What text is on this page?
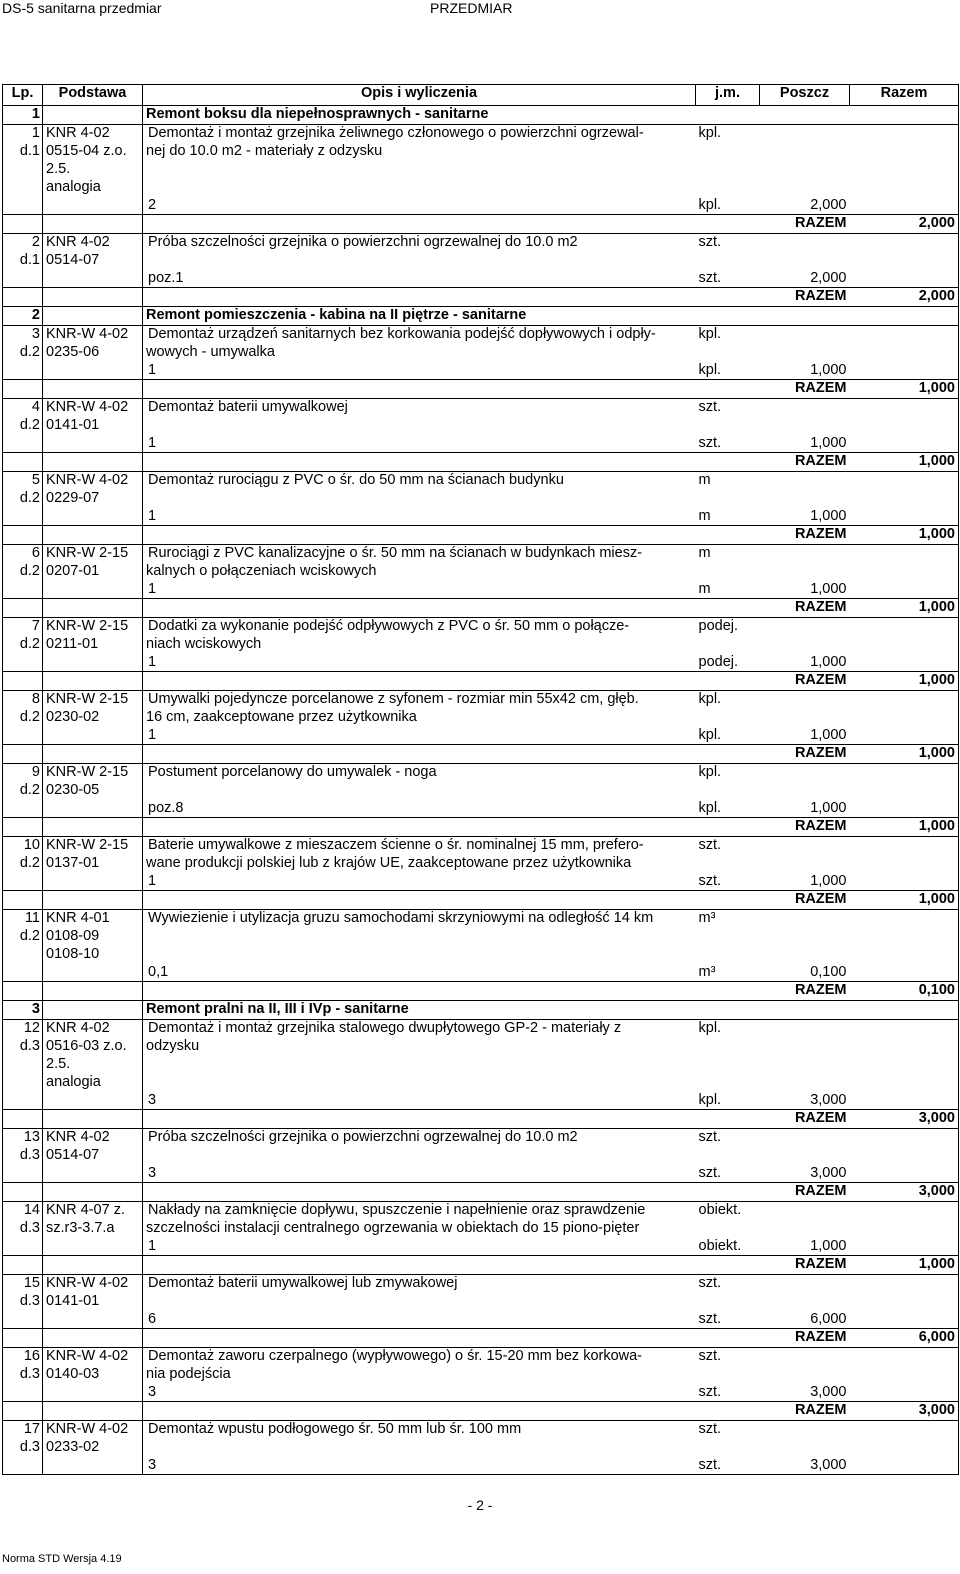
DS-5 sanitarna przedmiar	PRZEDMIAR
Lp.	Podstawa	Opis i wyliczenia	j.m.	Poszcz	Razem
1		Remont boksu dla niepełnosprawnych - sanitarne			
1	KNR 4-02	Demontaż i montaż grzejnika żeliwnego członowego o powierzchni ogrzewal-	kpl.		
d.1	0515-04 z.o.	nej do 10.0 m2 - materiały z odzysku			
	2.5.				
	analogia				
		2	kpl.	2,000	
				RAZEM	2,000
2	KNR 4-02	Próba szczelności grzejnika o powierzchni ogrzewalnej do 10.0 m2	szt.		
d.1	0514-07				
		poz.1	szt.	2,000	
				RAZEM	2,000
2		Remont pomieszczenia - kabina na II piętrze - sanitarne			
3	KNR-W 4-02	Demontaż urządzeń sanitarnych bez korkowania podejść dopływowych i odpły-	kpl.		
d.2	0235-06	wowych - umywalka			
		1	kpl.	1,000	
				RAZEM	1,000
4	KNR-W 4-02	Demontaż baterii umywalkowej	szt.		
d.2	0141-01				
		1	szt.	1,000	
				RAZEM	1,000
5	KNR-W 4-02	Demontaż rurociągu z PVC o śr. do 50 mm na ścianach budynku	m		
d.2	0229-07				
		1	m	1,000	
				RAZEM	1,000
6	KNR-W 2-15	Rurociągi z PVC kanalizacyjne o śr. 50 mm na ścianach w budynkach miesz-	m		
d.2	0207-01	kalnych o połączeniach wciskowych			
		1	m	1,000	
				RAZEM	1,000
7	KNR-W 2-15	Dodatki za wykonanie podejść odpływowych z PVC o śr. 50 mm o połącze-	podej.		
d.2	0211-01	niach wciskowych			
		1	podej.	1,000	
				RAZEM	1,000
8	KNR-W 2-15	Umywalki pojedyncze porcelanowe z syfonem - rozmiar min 55x42 cm, głęb.	kpl.		
d.2	0230-02	16 cm, zaakceptowane przez użytkownika			
		1	kpl.	1,000	
				RAZEM	1,000
9	KNR-W 2-15	Postument porcelanowy do umywalek - noga	kpl.		
d.2	0230-05				
		poz.8	kpl.	1,000	
				RAZEM	1,000
10	KNR-W 2-15	Baterie umywalkowe z mieszaczem ścienne o śr. nominalnej 15 mm, prefero-	szt.		
d.2	0137-01	wane produkcji polskiej lub z krajów UE, zaakceptowane przez użytkownika			
		1	szt.	1,000	
				RAZEM	1,000
11	KNR 4-01	Wywiezienie i utylizacja gruzu samochodami skrzyniowymi na odległość 14 km	m³		
d.2	0108-09				
	0108-10				
		0,1	m³	0,100	
				RAZEM	0,100
3		Remont pralni na II, III i IVp - sanitarne			
12	KNR 4-02	Demontaż i montaż grzejnika stalowego dwupłytowego GP-2 - materiały z	kpl.		
d.3	0516-03 z.o.	odzysku			
	2.5.				
	analogia				
		3	kpl.	3,000	
				RAZEM	3,000
13	KNR 4-02	Próba szczelności grzejnika o powierzchni ogrzewalnej do 10.0 m2	szt.		
d.3	0514-07				
		3	szt.	3,000	
				RAZEM	3,000
14	KNR 4-07 z.	Nakłady na zamknięcie dopływu, spuszczenie i napełnienie oraz sprawdzenie	obiekt.		
d.3	sz.r3-3.7.a	szczelności instalacji centralnego ogrzewania w obiektach do 15 piono-pięter			
		1	obiekt.	1,000	
				RAZEM	1,000
15	KNR-W 4-02	Demontaż baterii umywalkowej lub zmywakowej	szt.		
d.3	0141-01				
		6	szt.	6,000	
				RAZEM	6,000
16	KNR-W 4-02	Demontaż zaworu czerpalnego (wypływowego) o śr. 15-20 mm bez korkowa-	szt.		
d.3	0140-03	nia podejścia			
		3	szt.	3,000	
				RAZEM	3,000
17	KNR-W 4-02	Demontaż wpustu podłogowego śr. 50 mm lub śr. 100 mm	szt.		
d.3	0233-02				
		3	szt.	3,000	
- 2 -
Norma STD Wersja 4.19
